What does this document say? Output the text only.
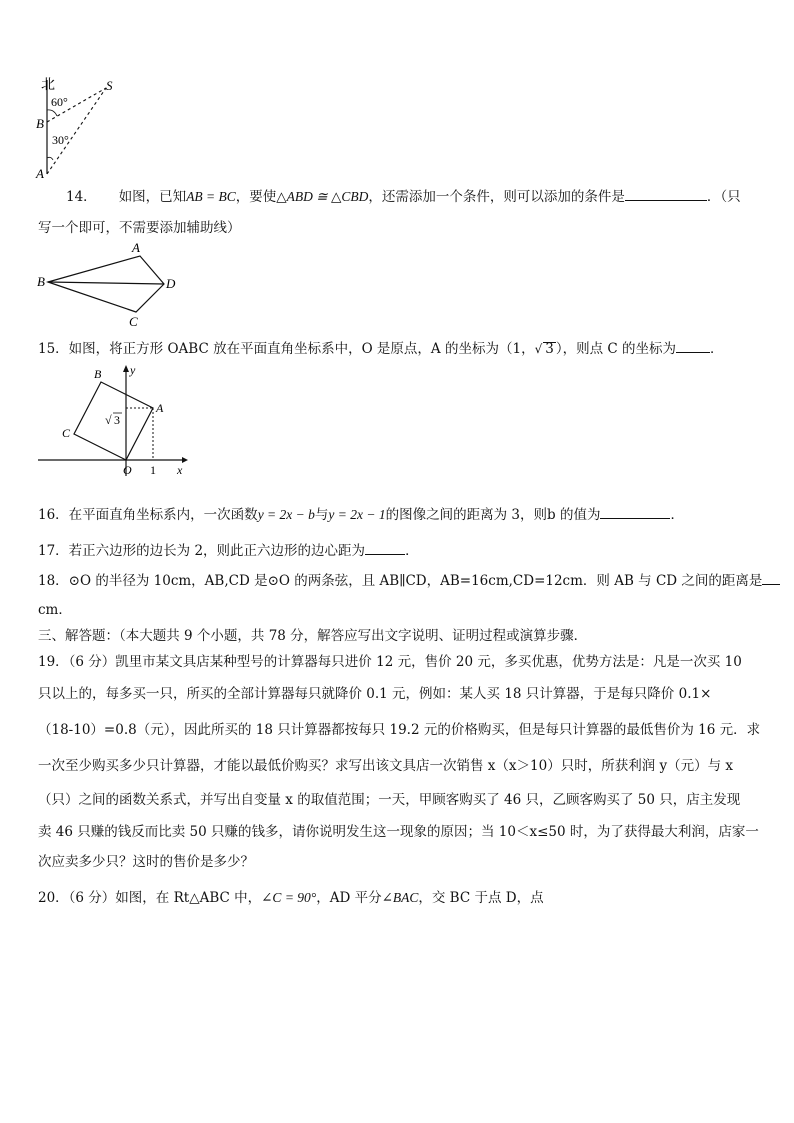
北	S
60°
B
30°
A
14． 如图，已知AB = BC，要使△ABD ≅ △CBD，还需添加一个条件，则可以添加的条件是	．（只
写一个即可，不需要添加辅助线）
A
B	D
C
15．如图，将正方形 OABC 放在平面直角坐标系中，O 是原点，A 的坐标为（1，√ 3 ），则点 C 的坐标为	．
B y
A
C
√ 3
O 1 x
16．在平面直角坐标系内，一次函数y = 2x − b与y = 2x − 1的图像之间的距离为 3，则b 的值为	．
17．若正六边形的边长为 2，则此正六边形的边心距为	．
18．⊙O 的半径为 10cm，AB,CD 是⊙O 的两条弦，且 AB∥CD，AB=16cm,CD=12cm．则 AB 与 CD 之间的距离是
cm．
三、解答题：（本大题共 9 个小题，共 78 分，解答应写出文字说明、证明过程或演算步骤．
19．（6 分）凯里市某文具店某种型号的计算器每只进价 12 元，售价 20 元，多买优惠，优势方法是：凡是一次买 10
只以上的，每多买一只，所买的全部计算器每只就降价 0.1 元，例如：某人买 18 只计算器，于是每只降价 0.1×
（18-10）=0.8（元），因此所买的 18 只计算器都按每只 19.2 元的价格购买，但是每只计算器的最低售价为 16 元．求
一次至少购买多少只计算器，才能以最低价购买？求写出该文具店一次销售 x（x＞10）只时，所获利润 y（元）与 x
（只）之间的函数关系式，并写出自变量 x 的取值范围；一天，甲顾客购买了 46 只，乙顾客购买了 50 只，店主发现
卖 46 只赚的钱反而比卖 50 只赚的钱多，请你说明发生这一现象的原因；当 10＜x≤50 时，为了获得最大利润，店家一
次应卖多少只？这时的售价是多少？
20．（6 分）如图，在 Rt△ABC 中，∠C = 90°，AD 平分∠BAC，交 BC 于点 D，点
